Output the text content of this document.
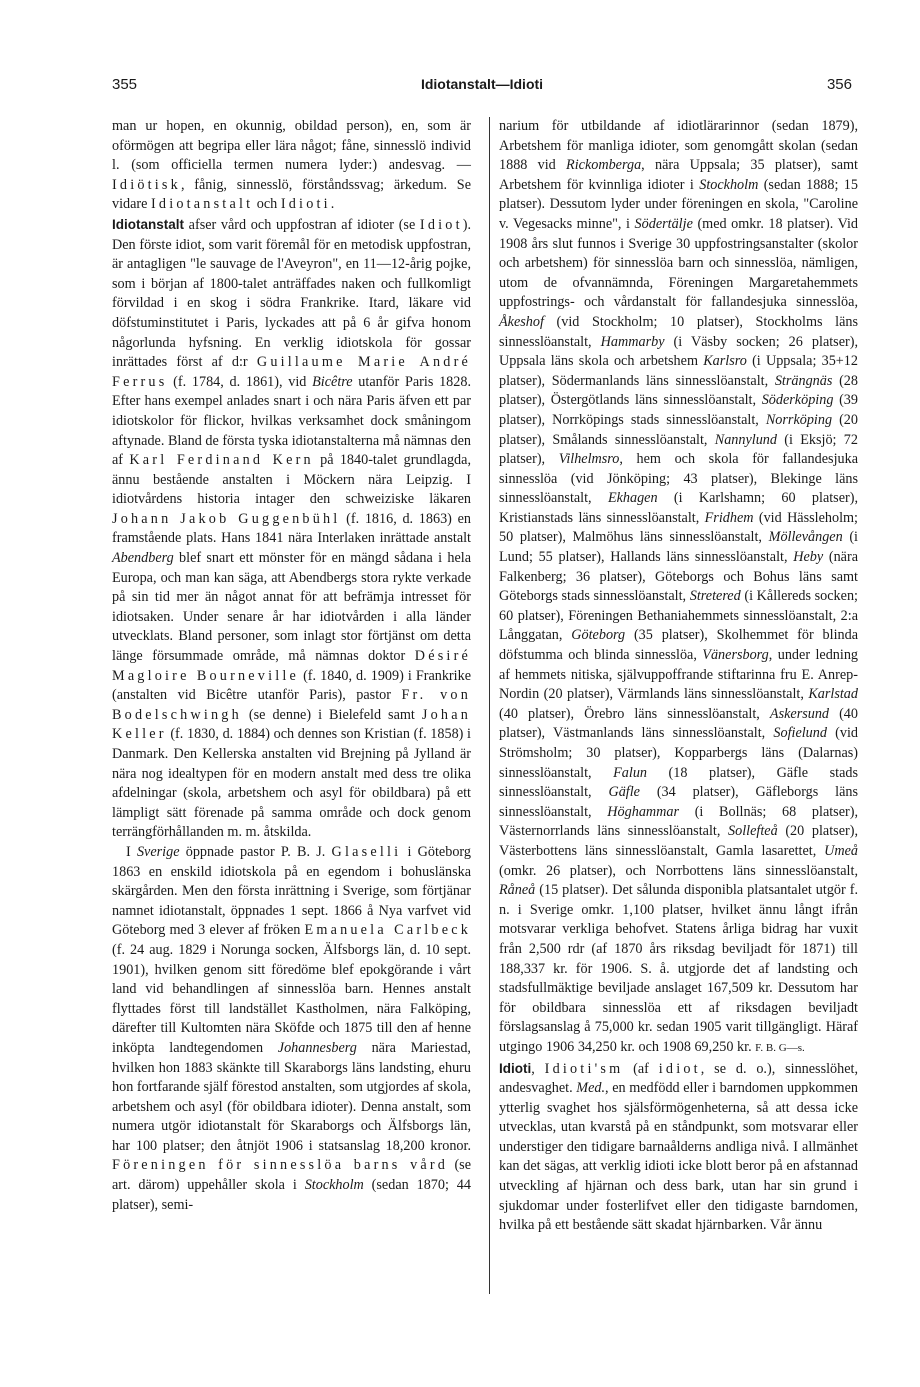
355	Idiotanstalt—Idioti	356

man ur hopen, en okunnig, obildad person), en, som är oförmögen att begripa eller lära något; fåne, sinnesslö individ l. (som officiella termen numera lyder:) andesvag. — Idiötisk, fånig, sinnesslö, förståndssvag; ärkedum. Se vidare Idiotanstalt och Idioti.

Idiotanstalt afser vård och uppfostran af idioter (se Idiot). Den förste idiot, som varit föremål för en metodisk uppfostran, är antagligen "le sauvage de l'Aveyron", en 11—12-årig pojke, som i början af 1800-talet anträffades naken och fullkomligt förvildad i en skog i södra Frankrike. Itard, läkare vid döfstuminstitutet i Paris, lyckades att på 6 år gifva honom någorlunda hyfsning. En verklig idiotskola för gossar inrättades först af d:r Guillaume Marie André Ferrus (f. 1784, d. 1861), vid Bicêtre utanför Paris 1828. Efter hans exempel anlades snart i och nära Paris äfven ett par idiotskolor för flickor, hvilkas verksamhet dock småningom aftynade. Bland de första tyska idiotanstalterna må nämnas den af Karl Ferdinand Kern på 1840-talet grundlagda, ännu bestående anstalten i Möckern nära Leipzig. I idiotvårdens historia intager den schweiziske läkaren Johann Jakob Guggenbühl (f. 1816, d. 1863) en framstående plats. Hans 1841 nära Interlaken inrättade anstalt Abendberg blef snart ett mönster för en mängd sådana i hela Europa, och man kan säga, att Abendbergs stora rykte verkade på sin tid mer än något annat för att befrämja intresset för idiotsaken. Under senare år har idiotvården i alla länder utvecklats. Bland personer, som inlagt stor förtjänst om detta länge försummade område, må nämnas doktor Désiré Magloire Bourneville (f. 1840, d. 1909) i Frankrike (anstalten vid Bicêtre utanför Paris), pastor Fr. von Bodelschwingh (se denne) i Bielefeld samt Johan Keller (f. 1830, d. 1884) och dennes son Kristian (f. 1858) i Danmark. Den Kellerska anstalten vid Brejning på Jylland är nära nog idealtypen för en modern anstalt med dess tre olika afdelningar (skola, arbetshem och asyl för obildbara) på ett lämpligt sätt förenade på samma område och dock genom terrängförhållanden m. m. åtskilda.

I Sverige öppnade pastor P. B. J. Glaselli i Göteborg 1863 en enskild idiotskola på en egendom i bohuslänska skärgården. Men den första inrättning i Sverige, som förtjänar namnet idiotanstalt, öppnades 1 sept. 1866 å Nya varfvet vid Göteborg med 3 elever af fröken Emanuela Carlbeck (f. 24 aug. 1829 i Norunga socken, Älfsborgs län, d. 10 sept. 1901), hvilken genom sitt föredöme blef epokgörande i vårt land vid behandlingen af sinnesslöa barn. Hennes anstalt flyttades först till landstället Kastholmen, nära Falköping, därefter till Kultomten nära Sköfde och 1875 till den af henne inköpta landtegendomen Johannesberg nära Mariestad, hvilken hon 1883 skänkte till Skaraborgs läns landsting, ehuru hon fortfarande själf förestod anstalten, som utgjordes af skola, arbetshem och asyl (för obildbara idioter). Denna anstalt, som numera utgör idiotanstalt för Skaraborgs och Älfsborgs län, har 100 platser; den åtnjöt 1906 i statsanslag 18,200 kronor. Föreningen för sinnesslöa barns vård (se art. därom) uppehåller skola i Stockholm (sedan 1870; 44 platser), semi-

narium för utbildande af idiotlärarinnor (sedan 1879), Arbetshem för manliga idioter, som genomgått skolan (sedan 1888 vid Rickomberga, nära Uppsala; 35 platser), samt Arbetshem för kvinnliga idioter i Stockholm (sedan 1888; 15 platser). Dessutom lyder under föreningen en skola, "Caroline v. Vegesacks minne", i Södertälje (med omkr. 18 platser). Vid 1908 års slut funnos i Sverige 30 uppfostringsanstalter (skolor och arbetshem) för sinnesslöa barn och sinnesslöa, nämligen, utom de ofvannämnda, Föreningen Margaretahemmets uppfostrings- och vårdanstalt för fallandesjuka sinnesslöa, Åkeshof (vid Stockholm; 10 platser), Stockholms läns sinnesslöanstalt, Hammarby (i Väsby socken; 26 platser), Uppsala läns skola och arbetshem Karlsro (i Uppsala; 35+12 platser), Södermanlands läns sinnesslöanstalt, Strängnäs (28 platser), Östergötlands läns sinnesslöanstalt, Söderköping (39 platser), Norrköpings stads sinnesslöanstalt, Norrköping (20 platser), Smålands sinnesslöanstalt, Nannylund (i Eksjö; 72 platser), Vilhelmsro, hem och skola för fallandesjuka sinnesslöa (vid Jönköping; 43 platser), Blekinge läns sinnesslöanstalt, Ekhagen (i Karlshamn; 60 platser), Kristianstads läns sinnesslöanstalt, Fridhem (vid Hässleholm; 50 platser), Malmöhus läns sinnesslöanstalt, Möllevången (i Lund; 55 platser), Hallands läns sinnesslöanstalt, Heby (nära Falkenberg; 36 platser), Göteborgs och Bohus läns samt Göteborgs stads sinnesslöanstalt, Stretered (i Kållereds socken; 60 platser), Föreningen Bethaniahemmets sinnesslöanstalt, 2:a Långgatan, Göteborg (35 platser), Skolhemmet för blinda döfstumma och blinda sinnesslöa, Vänersborg, under ledning af hemmets nitiska, självuppoffrande stiftarinna fru E. Anrep-Nordin (20 platser), Värmlands läns sinnesslöanstalt, Karlstad (40 platser), Örebro läns sinnesslöanstalt, Askersund (40 platser), Västmanlands läns sinnesslöanstalt, Sofielund (vid Strömsholm; 30 platser), Kopparbergs läns (Dalarnas) sinnesslöanstalt, Falun (18 platser), Gäfle stads sinnesslöanstalt, Gäfle (34 platser), Gäfleborgs läns sinnesslöanstalt, Höghammar (i Bollnäs; 68 platser), Västernorrlands läns sinnesslöanstalt, Sollefteå (20 platser), Västerbottens läns sinnesslöanstalt, Gamla lasarettet, Umeå (omkr. 26 platser), och Norrbottens läns sinnesslöanstalt, Råneå (15 platser). Det sålunda disponibla platsantalet utgör f. n. i Sverige omkr. 1,100 platser, hvilket ännu långt ifrån motsvarar verkliga behofvet. Statens årliga bidrag har vuxit från 2,500 rdr (af 1870 års riksdag beviljadt för 1871) till 188,337 kr. för 1906. S. å. utgjorde det af landsting och stadsfullmäktige beviljade anslaget 167,509 kr. Dessutom har för obildbara sinnesslöa ett af riksdagen beviljadt förslagsanslag å 75,000 kr. sedan 1905 varit tillgängligt. Häraf utgingo 1906 34,250 kr. och 1908 69,250 kr. F. B. G—s.

Idioti, Idioti'sm (af idiot, se d. o.), sinnesslöhet, andesvaghet. Med., en medfödd eller i barndomen uppkommen ytterlig svaghet hos själsförmögenheterna, så att dessa icke utvecklas, utan kvarstå på en ståndpunkt, som motsvarar eller understiger den tidigare barnaålderns andliga nivå. I allmänhet kan det sägas, att verklig idioti icke blott beror på en afstannad utveckling af hjärnan och dess bark, utan har sin grund i sjukdomar under fosterlifvet eller den tidigaste barndomen, hvilka på ett bestående sätt skadat hjärnbarken. Vår ännu
